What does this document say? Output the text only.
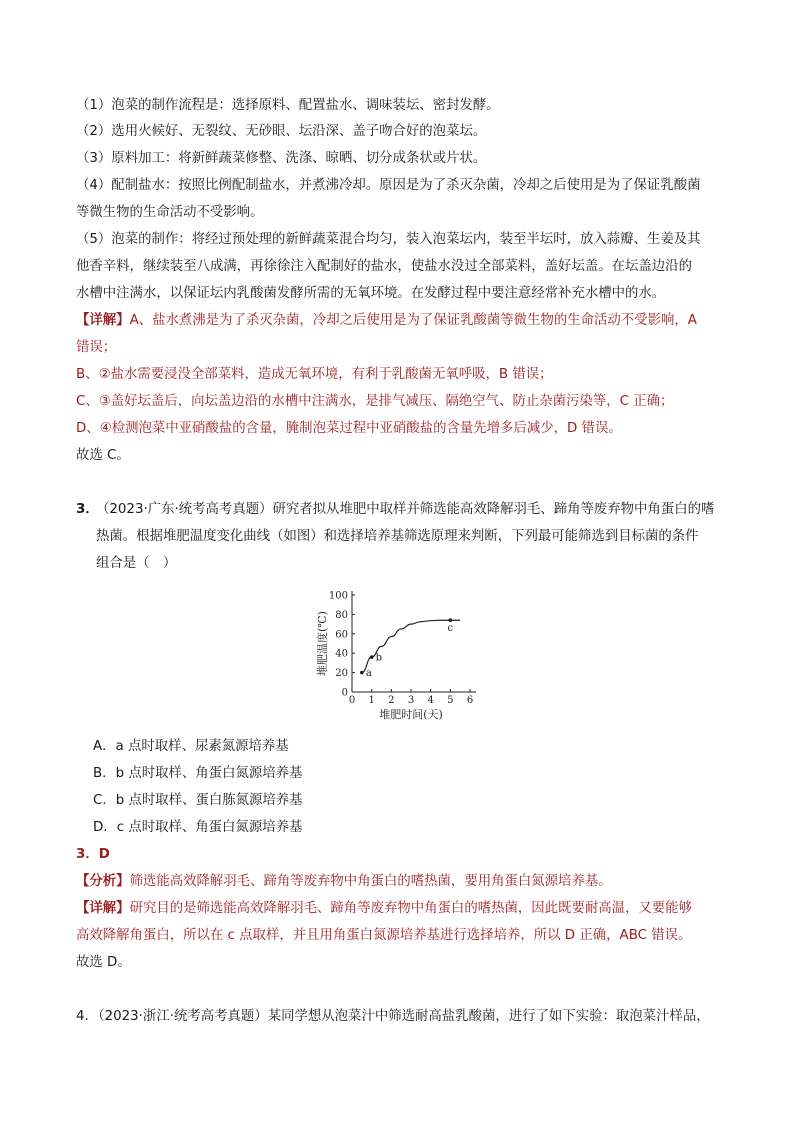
（1）泡菜的制作流程是：选择原料、配置盐水、调味装坛、密封发酵。
（2）选用火候好、无裂纹、无砂眼、坛沿深、盖子吻合好的泡菜坛。
（3）原料加工：将新鲜蔬菜修整、洗涤、晾晒、切分成条状或片状。
（4）配制盐水：按照比例配制盐水，并煮沸冷却。原因是为了杀灭杂菌，冷却之后使用是为了保证乳酸菌
等微生物的生命活动不受影响。
（5）泡菜的制作：将经过预处理的新鲜蔬菜混合均匀，装入泡菜坛内，装至半坛时，放入蒜瓣、生姜及其
他香辛料，继续装至八成满，再徐徐注入配制好的盐水，使盐水没过全部菜料，盖好坛盖。在坛盖边沿的
水槽中注满水，以保证坛内乳酸菌发酵所需的无氧环境。在发酵过程中要注意经常补充水槽中的水。
【详解】A、盐水煮沸是为了杀灭杂菌，冷却之后使用是为了保证乳酸菌等微生物的生命活动不受影响，A
错误；
B、②盐水需要浸没全部菜料，造成无氧环境，有利于乳酸菌无氧呼吸，B 错误；
C、③盖好坛盖后，向坛盖边沿的水槽中注满水，是排气减压、隔绝空气、防止杂菌污染等，C 正确；
D、④检测泡菜中亚硝酸盐的含量，腌制泡菜过程中亚硝酸盐的含量先增多后减少，D 错误。
故选 C。
3．
（2023·广东·统考高考真题）研究者拟从堆肥中取样并筛选能高效降解羽毛、蹄角等废弃物中角蛋白的嗜
热菌。根据堆肥温度变化曲线（如图）和选择培养基筛选原理来判断，下列最可能筛选到目标菌的条件
组合是（　）
0 1 2 3 4 5 6
0
20
40
60
80
100
堆肥时间(天)
堆肥温度(℃)	a
b
c
A．a 点时取样、尿素氮源培养基
B．b 点时取样、角蛋白氮源培养基
C．b 点时取样、蛋白胨氮源培养基
D．c 点时取样、角蛋白氮源培养基
3．D
【分析】筛选能高效降解羽毛、蹄角等废弃物中角蛋白的嗜热菌，要用角蛋白氮源培养基。
【详解】研究目的是筛选能高效降解羽毛、蹄角等废弃物中角蛋白的嗜热菌，因此既要耐高温，又要能够
高效降解角蛋白，所以在 c 点取样，并且用角蛋白氮源培养基进行选择培养，所以 D 正确，ABC 错误。
故选 D。
4．（2023·浙江·统考高考真题）某同学想从泡菜汁中筛选耐高盐乳酸菌，进行了如下实验：取泡菜汁样品，
